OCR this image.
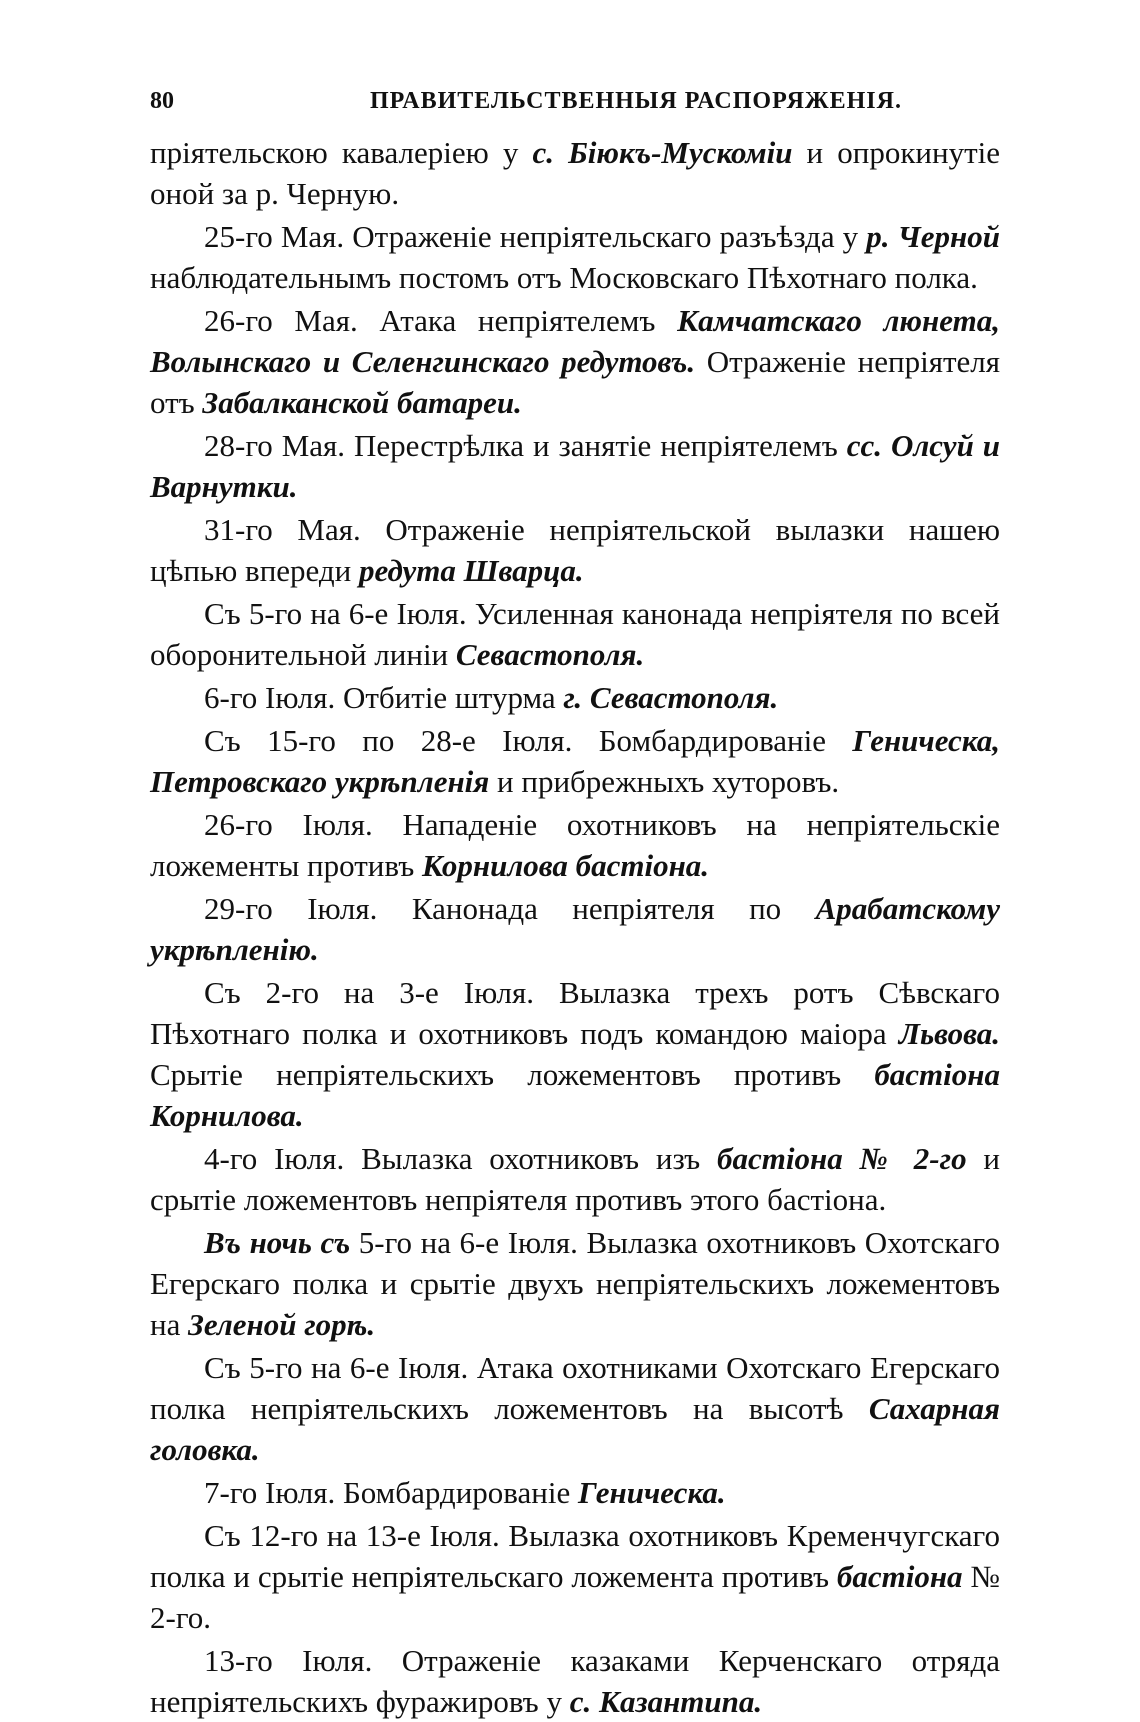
80	ПРАВИТЕЛЬСТВЕННЫЯ РАСПОРЯЖЕНІЯ.

пріятельскою кавалеріею у с. Біюкъ-Мускоміи и опрокинутіе оной за р. Черную.

25-го Мая. Отраженіе непріятельскаго разъѣзда у р. Черной наблюдательнымъ постомъ отъ Московскаго Пѣхотнаго полка.

26-го Мая. Атака непріятелемъ Камчатскаго люнета, Волынскаго и Селенгинскаго редутовъ. Отраженіе непріятеля отъ Забалканской батареи.

28-го Мая. Перестрѣлка и занятіе непріятелемъ сс. Олсуй и Варнутки.

31-го Мая. Отраженіе непріятельской вылазки нашею цѣпью впереди редута Шварца.

Съ 5-го на 6-е Іюля. Усиленная канонада непріятеля по всей оборонительной линіи Севастополя.

6-го Іюля. Отбитіе штурма г. Севастополя.

Съ 15-го по 28-е Іюля. Бомбардированіе Геническа, Петровскаго укрѣпленія и прибрежныхъ хуторовъ.

26-го Іюля. Нападеніе охотниковъ на непріятельскіе ложементы противъ Корнилова бастіона.

29-го Іюля. Канонада непріятеля по Арабатскому укрѣпленію.

Съ 2-го на 3-е Іюля. Вылазка трехъ ротъ Сѣвскаго Пѣхотнаго полка и охотниковъ подъ командою маіора Львова. Срытіе непріятельскихъ ложементовъ противъ бастіона Корнилова.

4-го Іюля. Вылазка охотниковъ изъ бастіона № 2-го и срытіе ложементовъ непріятеля противъ этого бастіона.

Въ ночь съ 5-го на 6-е Іюля. Вылазка охотниковъ Охотскаго Егерскаго полка и срытіе двухъ непріятельскихъ ложементовъ на Зеленой горѣ.

Съ 5-го на 6-е Іюля. Атака охотниками Охотскаго Егерскаго полка непріятельскихъ ложементовъ на высотѣ Сахарная головка.

7-го Іюля. Бомбардированіе Геническа.

Съ 12-го на 13-е Іюля. Вылазка охотниковъ Кременчугскаго полка и срытіе непріятельскаго ложемента противъ бастіона № 2-го.

13-го Іюля. Отраженіе казаками Керченскаго отряда непріятельскихъ фуражировъ у с. Казантипа.
